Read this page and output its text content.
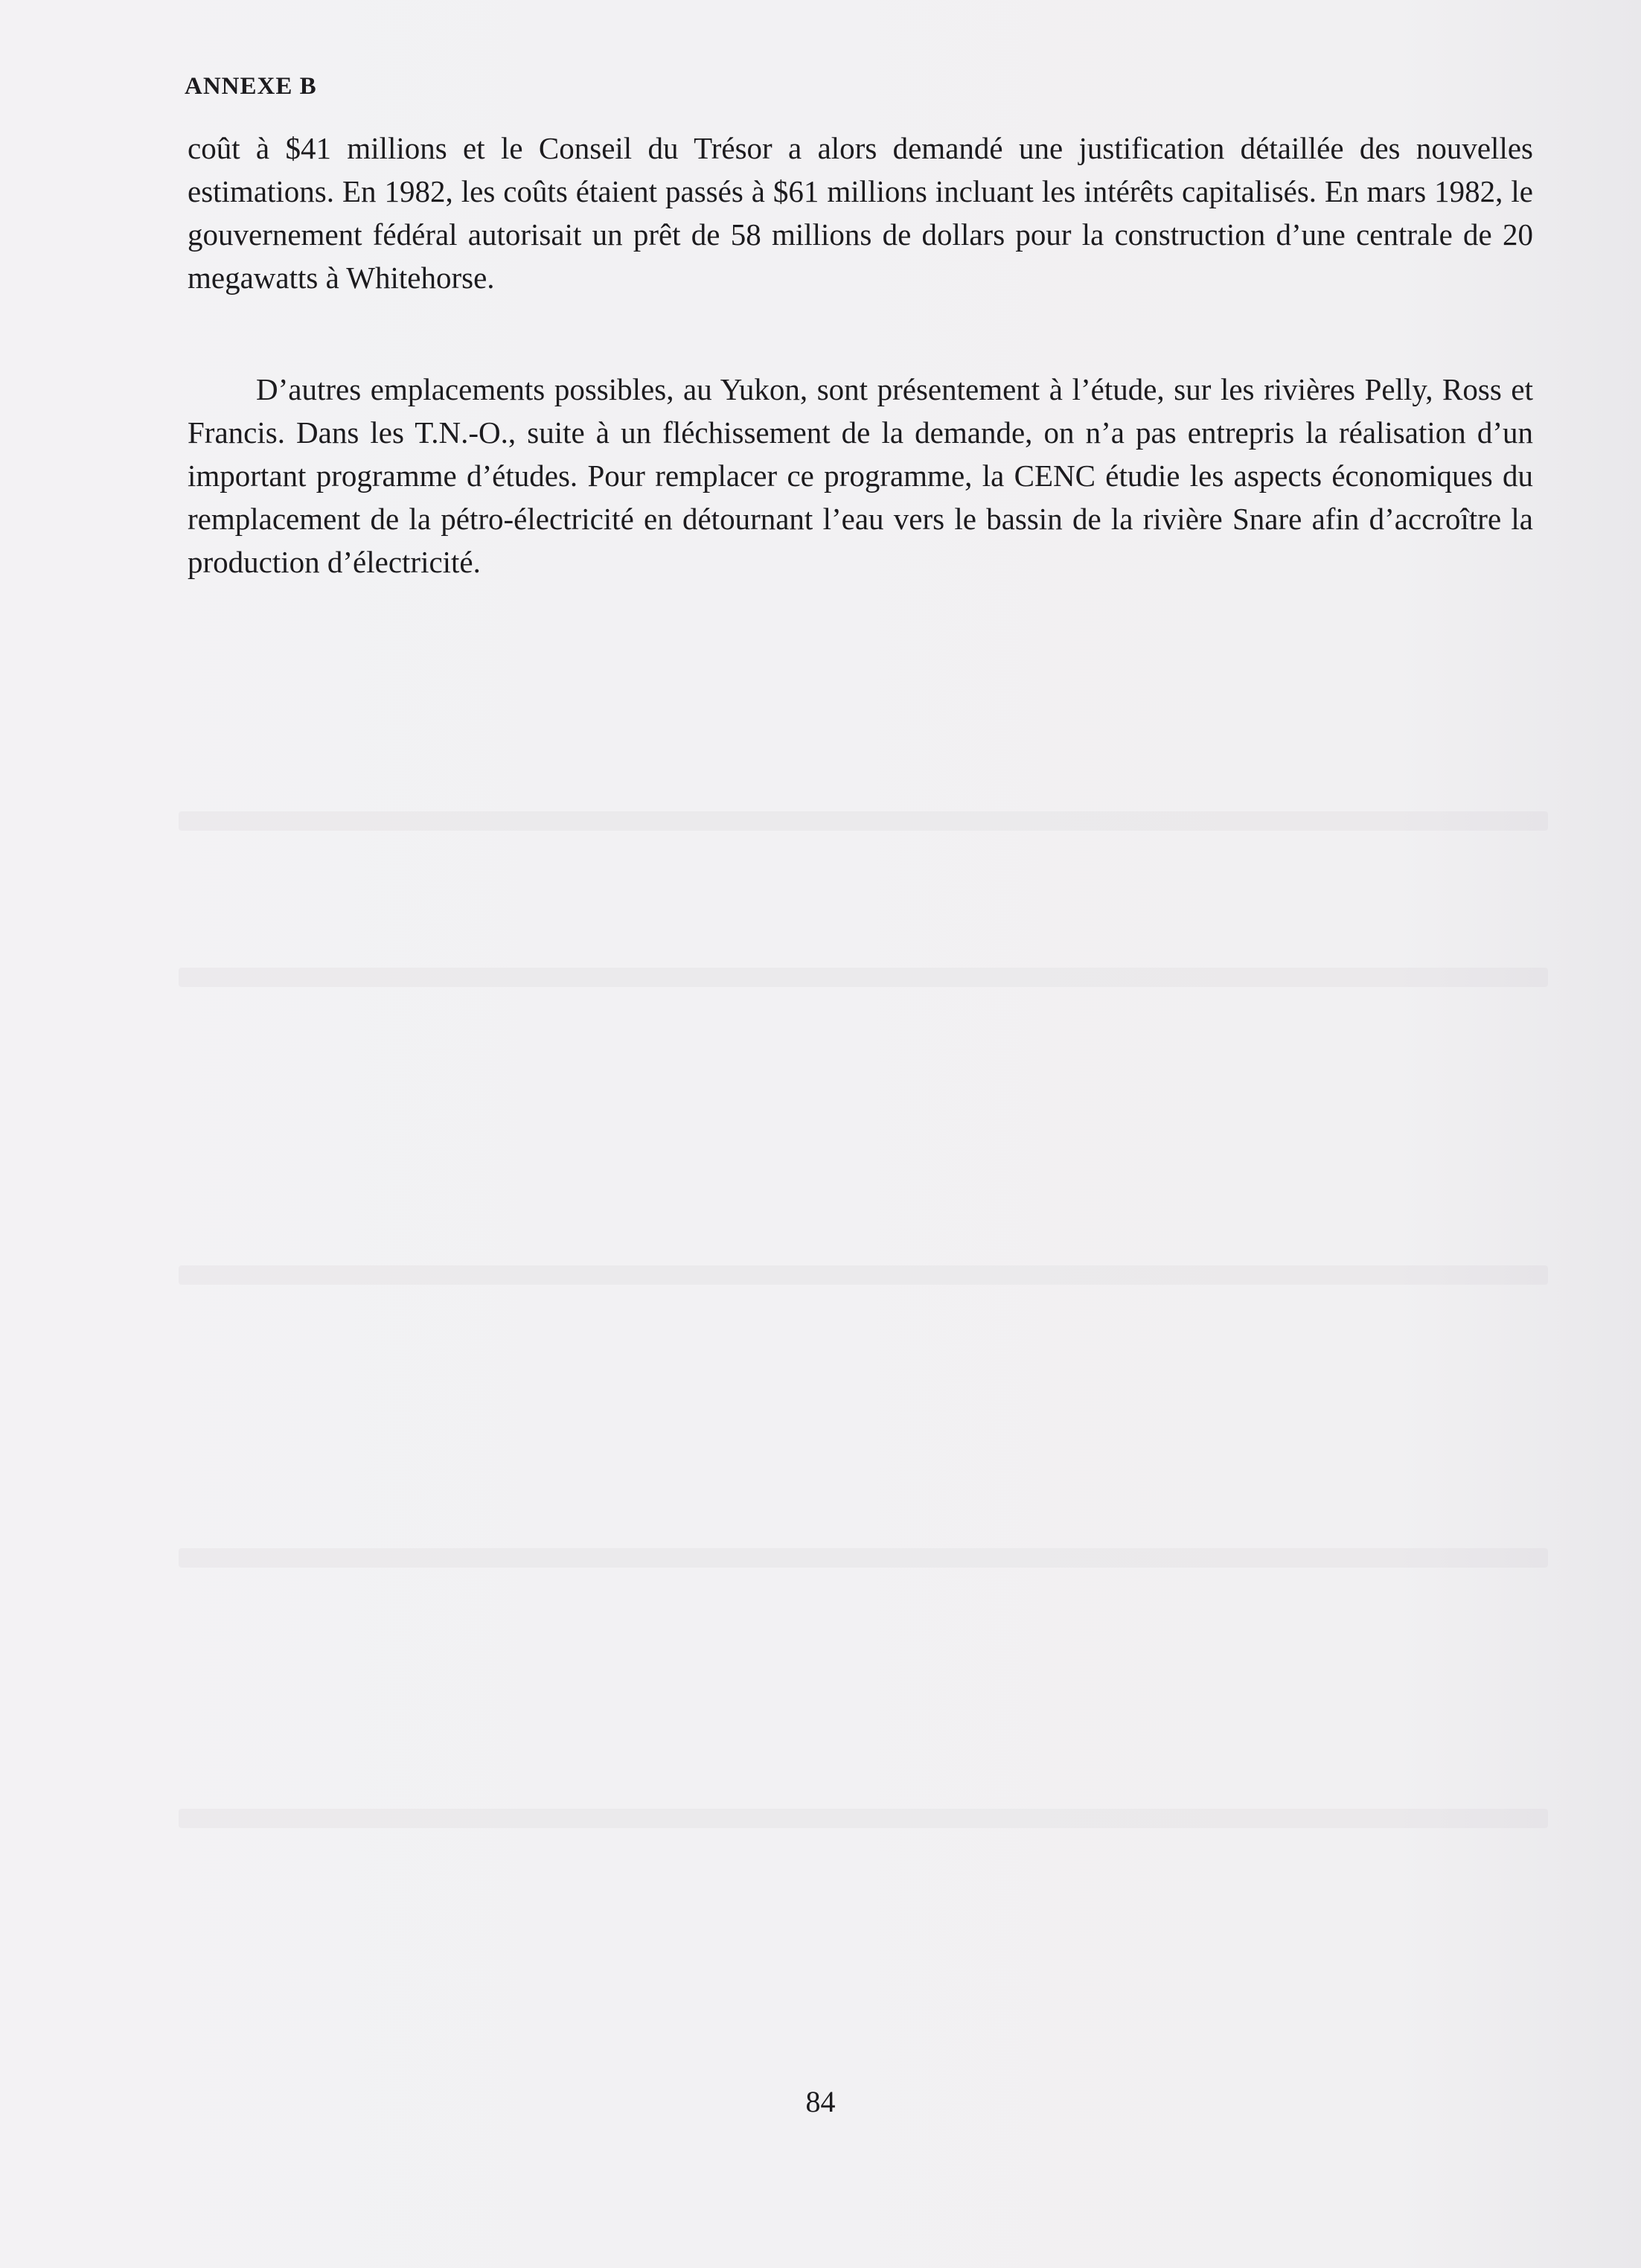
ANNEXE B

coût à $41 millions et le Conseil du Trésor a alors demandé une justification détaillée des nouvelles estimations. En 1982, les coûts étaient passés à $61 millions incluant les intérêts capitalisés. En mars 1982, le gouvernement fédéral autorisait un prêt de 58 millions de dollars pour la construction d’une centrale de 20 megawatts à Whitehorse.

D’autres emplacements possibles, au Yukon, sont présentement à l’étude, sur les rivières Pelly, Ross et Francis. Dans les T.N.-O., suite à un fléchissement de la demande, on n’a pas entrepris la réalisation d’un important programme d’études. Pour remplacer ce programme, la CENC étudie les aspects économiques du remplacement de la pétro-électricité en détournant l’eau vers le bassin de la rivière Snare afin d’accroître la production d’électricité.

84
